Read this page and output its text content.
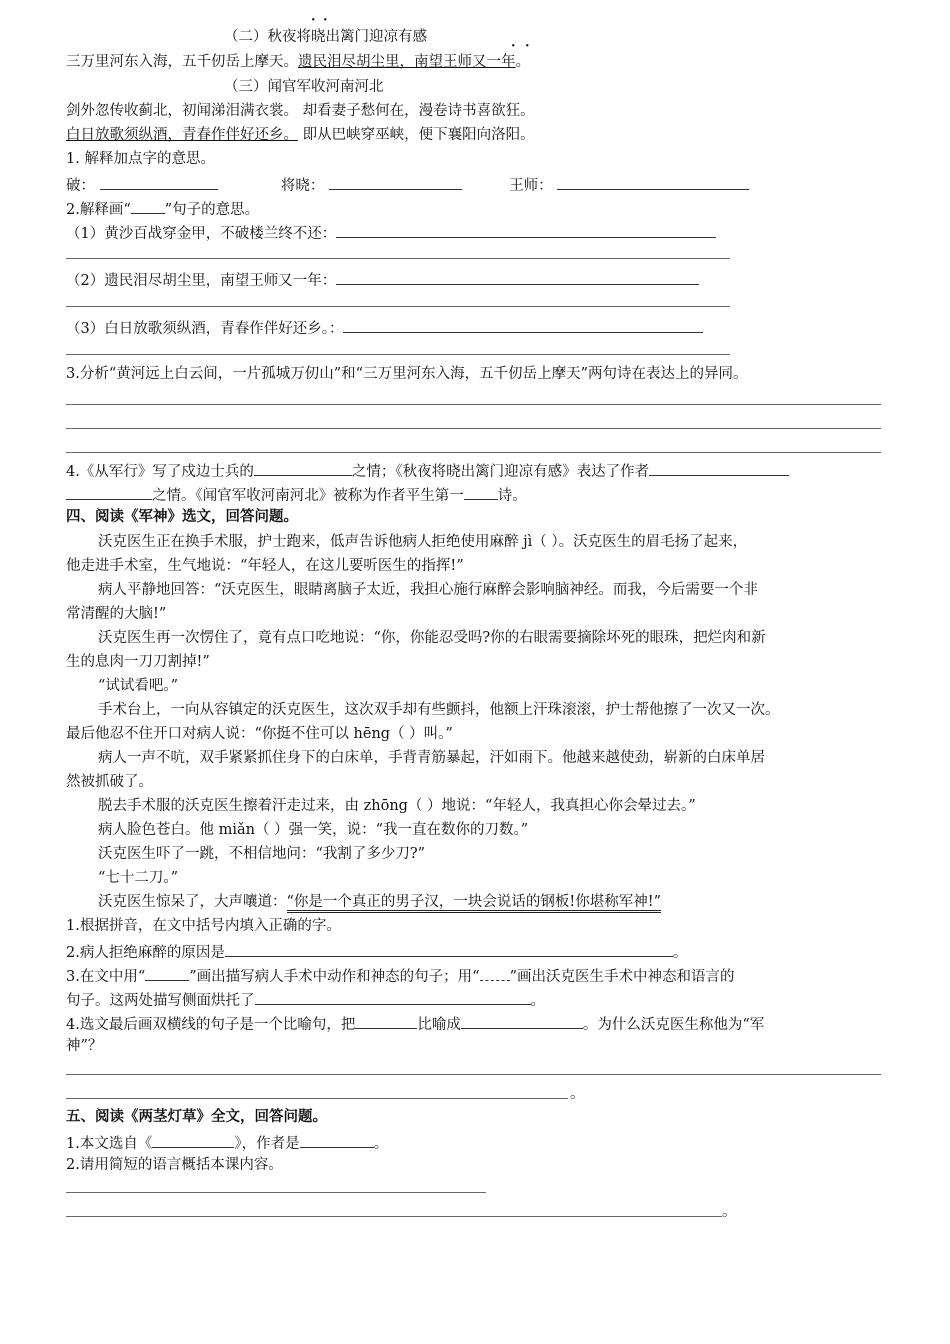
· ·
（二）秋夜将晓出篱门迎凉有感
· ·
三万里河东入海，五千仞岳上摩天。遗民泪尽胡尘里，南望王师又一年。
（三）闻官军收河南河北
剑外忽传收蓟北，初闻涕泪满衣裳。 却看妻子愁何在，漫卷诗书喜欲狂。
白日放歌须纵酒，青春作伴好还乡。 即从巴峡穿巫峡，便下襄阳向洛阳。
1. 解释加点字的意思。
破：	将晓：	王师：
2.解释画“ ”句子的意思。
（1）黄沙百战穿金甲，不破楼兰终不还：
（2）遗民泪尽胡尘里，南望王师又一年：
（3）白日放歌须纵酒，青春作伴好还乡。：
3.分析“黄河远上白云间，一片孤城万仞山”和“三万里河东入海，五千仞岳上摩天”两句诗在表达上的异同。
4.《从军行》写了戍边士兵的	之情；《秋夜将晓出篱门迎凉有感》表达了作者
之情。《闻官军收河南河北》被称为作者平生第一 诗。
四、阅读《军神》选文，回答问题。
沃克医生正在换手术服，护士跑来，低声告诉他病人拒绝使用麻醉 jì（ ）。沃克医生的眉毛扬了起来，
他走进手术室，生气地说：“年轻人，在这儿要听医生的指挥!”
病人平静地回答：“沃克医生，眼睛离脑子太近，我担心施行麻醉会影响脑神经。而我，今后需要一个非
常清醒的大脑!”
沃克医生再一次愣住了，竟有点口吃地说：“你，你能忍受吗?你的右眼需要摘除坏死的眼珠，把烂肉和新
生的息肉一刀刀割掉!”
“试试看吧。”
手术台上，一向从容镇定的沃克医生，这次双手却有些颤抖，他额上汗珠滚滚，护士帮他擦了一次又一次。
最后他忍不住开口对病人说：“你挺不住可以 hēng（ ）叫。”
病人一声不吭，双手紧紧抓住身下的白床单，手背青筋暴起，汗如雨下。他越来越使劲，崭新的白床单居
然被抓破了。
脱去手术服的沃克医生擦着汗走过来，由 zhōng（ ）地说：“年轻人，我真担心你会晕过去。”
病人脸色苍白。他 miǎn（ ）强一笑，说：“我一直在数你的刀数。”
沃克医生吓了一跳，不相信地问：“我割了多少刀?”
“七十二刀。”
沃克医生惊呆了，大声嚷道：“你是一个真正的男子汉，一块会说话的钢板!你堪称军神!”
1.根据拼音，在文中括号内填入正确的字。
2.病人拒绝麻醉的原因是	。
3.在文中用“	”画出描写病人手术中动作和神态的句子；用“ ”画出沃克医生手术中神态和语言的
句子。这两处描写侧面烘托了	。
4.选文最后画双横线的句子是一个比喻句，把	比喻成	。为什么沃克医生称他为“军
神”？
。
五、阅读《两茎灯草》全文，回答问题。
1.本文选自《	》，作者是	。
2.请用简短的语言概括本课内容。
。
